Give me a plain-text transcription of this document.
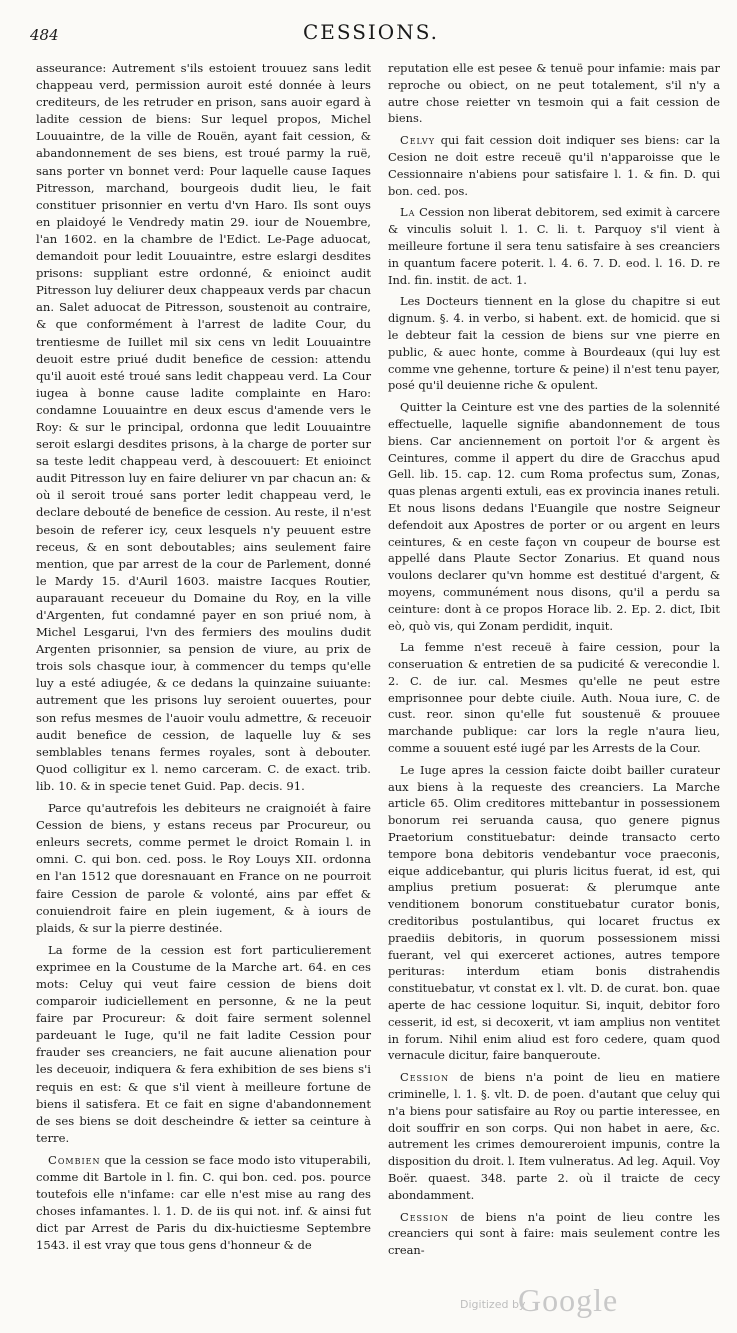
484	CESSIONS.

asseurance: Autrement s'ils estoient trouuez sans ledit chappeau verd, permission auroit esté donnée à leurs crediteurs, de les retruder en prison, sans auoir egard à ladite cession de biens: Sur lequel propos, Michel Louuaintre, de la ville de Rouën, ayant fait cession, & abandonnement de ses biens, est troué parmy la ruë, sans porter vn bonnet verd: Pour laquelle cause Iaques Pitresson, marchand, bourgeois dudit lieu, le fait constituer prisonnier en vertu d'vn Haro. Ils sont ouys en plaidoyé le Vendredy matin 29. iour de Nouembre, l'an 1602. en la chambre de l'Edict. Le-Page aduocat, demandoit pour ledit Louuaintre, estre eslargi desdites prisons: suppliant estre ordonné, & enioinct audit Pitresson luy deliurer deux chappeaux verds par chacun an. Salet aduocat de Pitresson, soustenoit au contraire, & que conformément à l'arrest de ladite Cour, du trentiesme de Iuillet mil six cens vn ledit Louuaintre deuoit estre priué dudit benefice de cession: attendu qu'il auoit esté troué sans ledit chappeau verd. La Cour iugea à bonne cause ladite complainte en Haro: condamne Louuaintre en deux escus d'amende vers le Roy: & sur le principal, ordonna que ledit Louuaintre seroit eslargi desdites prisons, à la charge de porter sur sa teste ledit chappeau verd, à descouuert: Et enioinct audit Pitresson luy en faire deliurer vn par chacun an: & où il seroit troué sans porter ledit chappeau verd, le declare debouté de benefice de cession. Au reste, il n'est besoin de referer icy, ceux lesquels n'y peuuent estre receus, & en sont deboutables; ains seulement faire mention, que par arrest de la cour de Parlement, donné le Mardy 15. d'Auril 1603. maistre Iacques Routier, auparauant receueur du Domaine du Roy, en la ville d'Argenten, fut condamné payer en son priué nom, à Michel Lesgarui, l'vn des fermiers des moulins dudit Argenten prisonnier, sa pension de viure, au prix de trois sols chasque iour, à commencer du temps qu'elle luy a esté adiugée, & ce dedans la quinzaine suiuante: autrement que les prisons luy seroient ouuertes, pour son refus mesmes de l'auoir voulu admettre, & receuoir audit benefice de cession, de laquelle luy & ses semblables tenans fermes royales, sont à debouter. Quod colligitur ex l. nemo carceram. C. de exact. trib. lib. 10. & in specie tenet Guid. Pap. decis. 91.

Parce qu'autrefois les debiteurs ne craignoiét à faire Cession de biens, y estans receus par Procureur, ou enleurs secrets, comme permet le droict Romain l. in omni. C. qui bon. ced. poss. le Roy Louys XII. ordonna en l'an 1512 que doresnauant en France on ne pourroit faire Cession de parole & volonté, ains par effet & conuiendroit faire en plein iugement, & à iours de plaids, & sur la pierre destinée.

La forme de la cession est fort particulierement exprimee en la Coustume de la Marche art. 64. en ces mots: Celuy qui veut faire cession de biens doit comparoir iudiciellement en personne, & ne la peut faire par Procureur: & doit faire serment solennel pardeuant le Iuge, qu'il ne fait ladite Cession pour frauder ses creanciers, ne fait aucune alienation pour les deceuoir, indiquera & fera exhibition de ses biens s'i requis en est: & que s'il vient à meilleure fortune de biens il satisfera. Et ce fait en signe d'abandonnement de ses biens se doit descheindre & ietter sa ceinture à terre.

Combien que la cession se face modo isto vituperabili, comme dit Bartole in l. fin. C. qui bon. ced. pos. pource toutefois elle n'infame: car elle n'est mise au rang des choses infamantes. l. 1. D. de iis qui not. inf. & ainsi fut dict par Arrest de Paris du dix-huictiesme Septembre 1543. il est vray que tous gens d'honneur & de

reputation elle est pesee & tenuë pour infamie: mais par reproche ou obiect, on ne peut totalement, s'il n'y a autre chose reietter vn tesmoin qui a fait cession de biens.

Celvy qui fait cession doit indiquer ses biens: car la Cesion ne doit estre receuë qu'il n'apparoisse que le Cessionnaire n'abiens pour satisfaire l. 1. & fin. D. qui bon. ced. pos.

La Cession non liberat debitorem, sed eximit à carcere & vinculis soluit l. 1. C. li. t. Parquoy s'il vient à meilleure fortune il sera tenu satisfaire à ses creanciers in quantum facere poterit. l. 4. 6. 7. D. eod. l. 16. D. re Ind. fin. instit. de act. 1.

Les Docteurs tiennent en la glose du chapitre si eut dignum. §. 4. in verbo, si habent. ext. de homicid. que si le debteur fait la cession de biens sur vne pierre en public, & auec honte, comme à Bourdeaux (qui luy est comme vne gehenne, torture & peine) il n'est tenu payer, posé qu'il deuienne riche & opulent.

Quitter la Ceinture est vne des parties de la solennité effectuelle, laquelle signifie abandonnement de tous biens. Car anciennement on portoit l'or & argent ès Ceintures, comme il appert du dire de Gracchus apud Gell. lib. 15. cap. 12. cum Roma profectus sum, Zonas, quas plenas argenti extuli, eas ex provincia inanes retuli. Et nous lisons dedans l'Euangile que nostre Seigneur defendoit aux Apostres de porter or ou argent en leurs ceintures, & en ceste façon vn coupeur de bourse est appellé dans Plaute Sector Zonarius. Et quand nous voulons declarer qu'vn homme est destitué d'argent, & moyens, communément nous disons, qu'il a perdu sa ceinture: dont à ce propos Horace lib. 2. Ep. 2. dict, Ibit eò, quò vis, qui Zonam perdidit, inquit.

La femme n'est receuë à faire cession, pour la conseruation & entretien de sa pudicité & verecondie l. 2. C. de iur. cal. Mesmes qu'elle ne peut estre emprisonnee pour debte ciuile. Auth. Noua iure, C. de cust. reor. sinon qu'elle fut soustenuë & prouuee marchande publique: car lors la regle n'aura lieu, comme a souuent esté iugé par les Arrests de la Cour.

Le Iuge apres la cession faicte doibt bailler curateur aux biens à la requeste des creanciers. La Marche article 65. Olim creditores mittebantur in possessionem bonorum rei seruanda causa, quo genere pignus Praetorium constituebatur: deinde transacto certo tempore bona debitoris vendebantur voce praeconis, eique addicebantur, qui pluris licitus fuerat, id est, qui amplius pretium posuerat: & plerumque ante venditionem bonorum constituebatur curator bonis, creditoribus postulantibus, qui locaret fructus ex praediis debitoris, in quorum possessionem missi fuerant, vel qui exerceret actiones, autres tempore perituras: interdum etiam bonis distrahendis constituebatur, vt constat ex l. vlt. D. de curat. bon. quae aperte de hac cessione loquitur. Si, inquit, debitor foro cesserit, id est, si decoxerit, vt iam amplius non ventitet in forum. Nihil enim aliud est foro cedere, quam quod vernacule dicitur, faire banqueroute.

Cession de biens n'a point de lieu en matiere criminelle, l. 1. §. vlt. D. de poen. d'autant que celuy qui n'a biens pour satisfaire au Roy ou partie interessee, en doit souffrir en son corps. Qui non habet in aere, &c. autrement les crimes demoureroient impunis, contre la disposition du droit. l. Item vulneratus. Ad leg. Aquil. Voy Boër. quaest. 348. parte 2. où il traicte de cecy abondamment.

Cession de biens n'a point de lieu contre les creanciers qui sont à faire: mais seulement contre les crean-

Digitized by
Google
